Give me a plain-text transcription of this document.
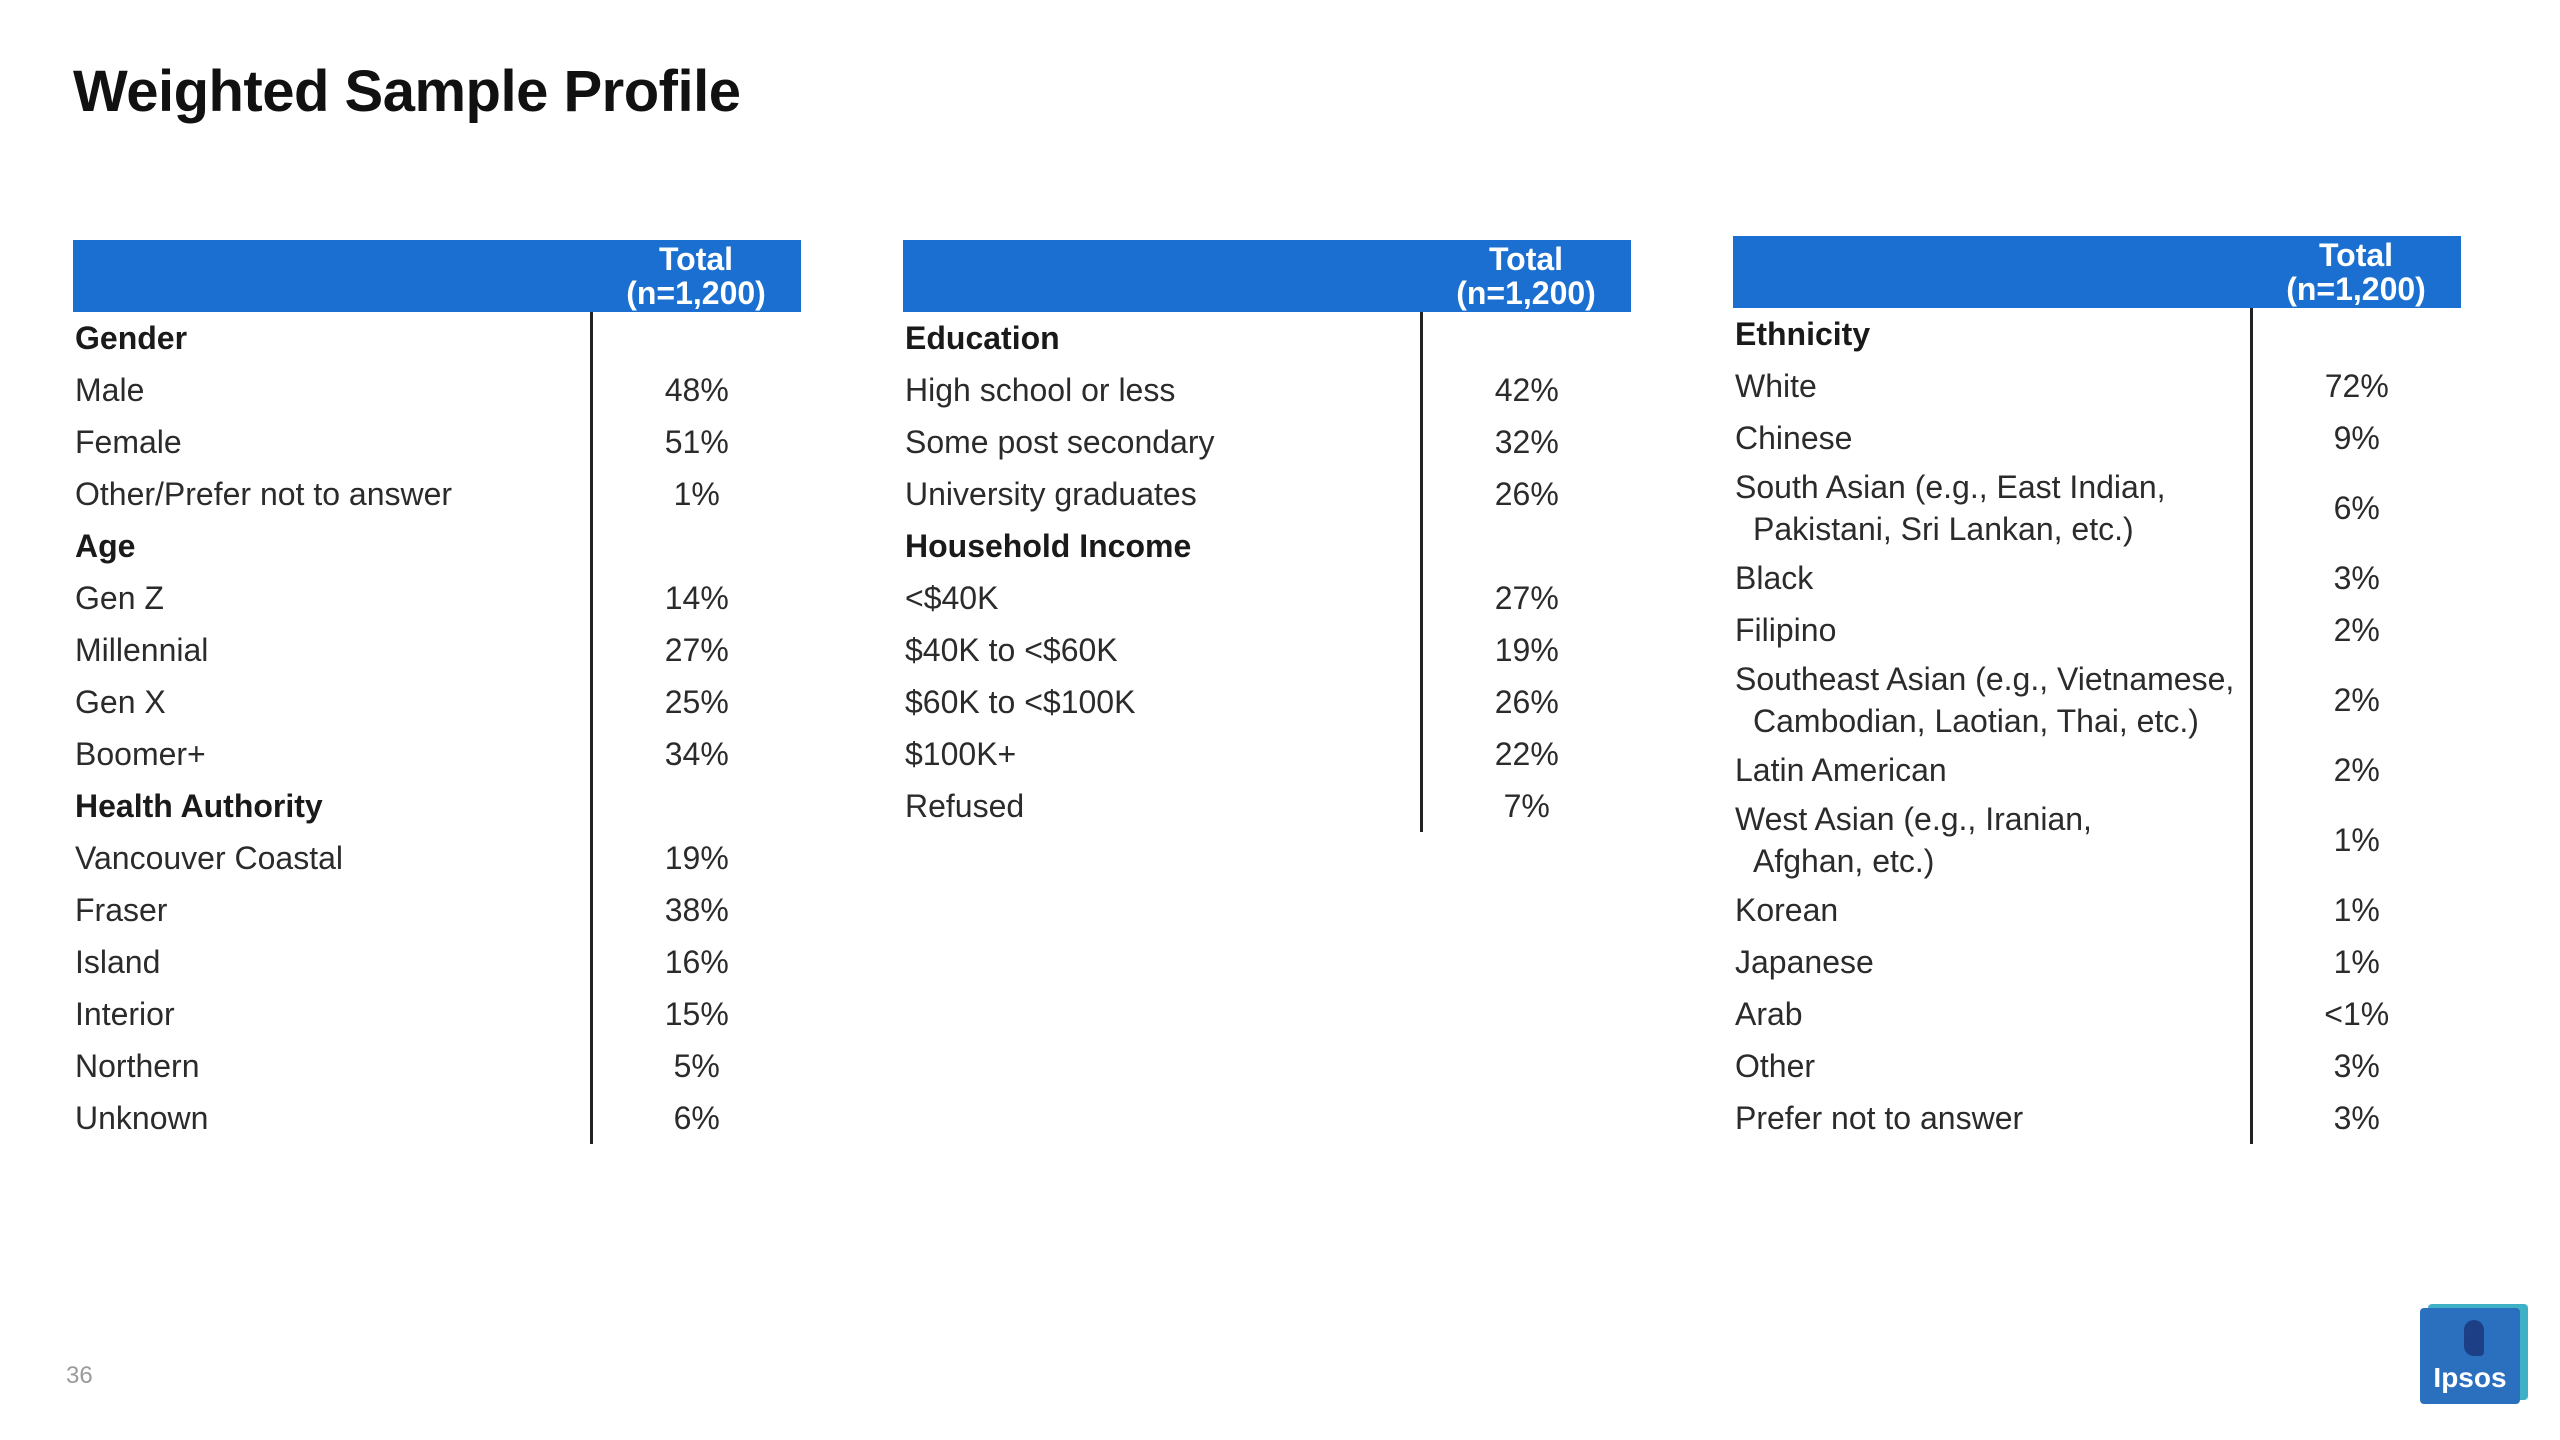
Weighted Sample Profile
	Total
(n=1,200)
Gender	
Male	48%
Female	51%
Other/Prefer not to answer	1%
Age	
Gen Z	14%
Millennial	27%
Gen X	25%
Boomer+	34%
Health Authority	
Vancouver Coastal	19%
Fraser	38%
Island	16%
Interior	15%
Northern	5%
Unknown	6%
	Total
(n=1,200)
Education	
High school or less	42%
Some post secondary	32%
University graduates	26%
Household Income	
<$40K	27%
$40K to <$60K	19%
$60K to <$100K	26%
$100K+	22%
Refused	7%
	Total
(n=1,200)
Ethnicity	
White	72%
Chinese	9%
South Asian (e.g., East Indian,
Pakistani, Sri Lankan, etc.)	6%
Black	3%
Filipino	2%
Southeast Asian (e.g., Vietnamese,
Cambodian, Laotian, Thai, etc.)	2%
Latin American	2%
West Asian (e.g., Iranian,
Afghan, etc.)	1%
Korean	1%
Japanese	1%
Arab	<1%
Other	3%
Prefer not to answer	3%
36	Ipsos
